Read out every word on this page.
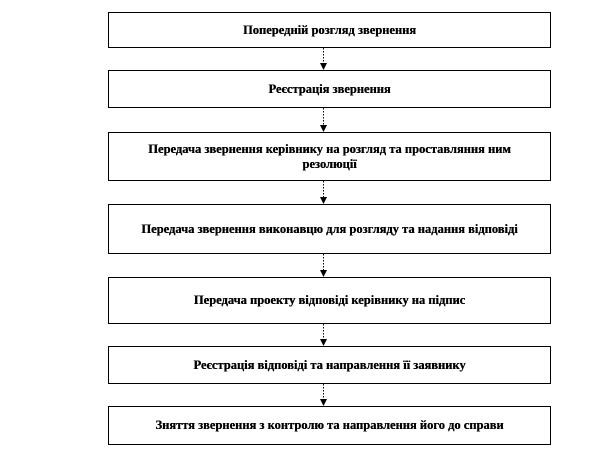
Попередній розгляд звернення
Реєстрація звернення
Передача звернення керівнику на розгляд та проставляння ним резолюції
Передача звернення виконавцю для розгляду та надання відповіді
Передача проекту відповіді керівнику на підпис
Реєстрація відповіді та направлення її заявнику
Зняття звернення з контролю та направлення його до справи
